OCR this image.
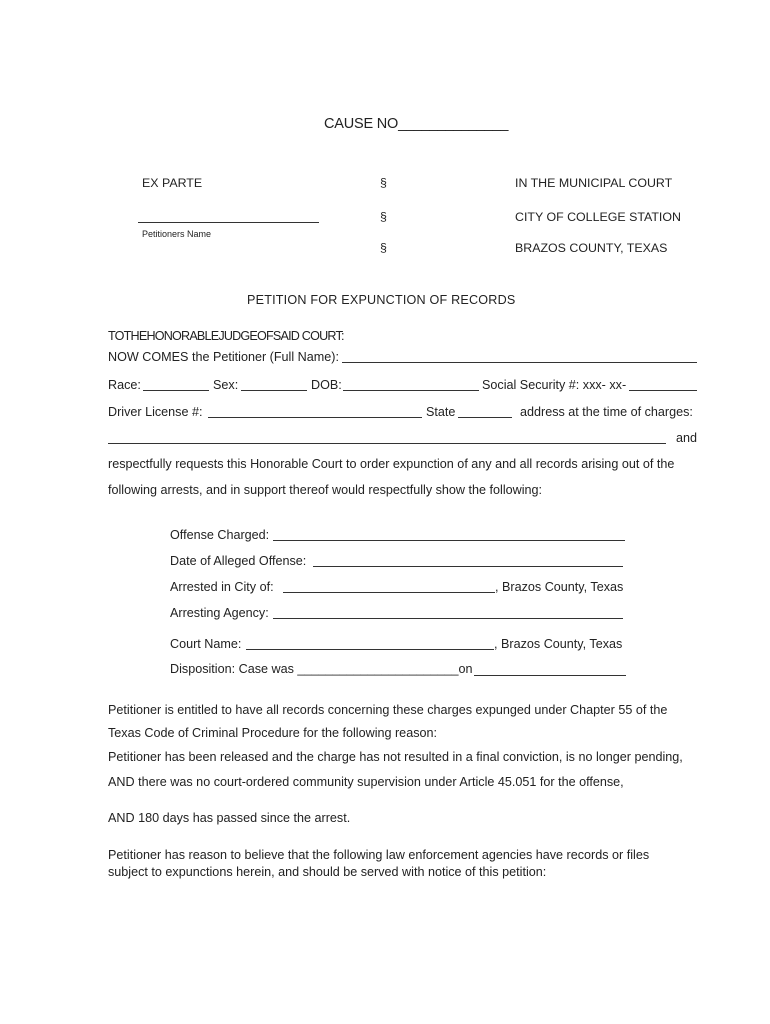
CAUSE NO______________
EX PARTE	§	IN THE MUNICIPAL COURT
Petitioners Name
§	CITY OF COLLEGE STATION
§	BRAZOS COUNTY, TEXAS
PETITION FOR EXPUNCTION OF RECORDS
TOTHEHONORABLEJUDGEOFSAID COURT:
NOW COMES the Petitioner (Full Name):
Race:	Sex:	DOB:	Social Security #: xxx- xx-
Driver License #:	State	address at the time of charges:
and
respectfully requests this Honorable Court to order expunction of any and all records arising out of the
following arrests, and in support thereof would respectfully show the following:
Offense Charged:
Date of Alleged Offense:
Arrested in City of:	, Brazos County, Texas
Arresting Agency:
Court Name:	, Brazos County, Texas
Disposition: Case was _______________________on
Petitioner is entitled to have all records concerning these charges expunged under Chapter 55 of the
Texas Code of Criminal Procedure for the following reason:
Petitioner has been released and the charge has not resulted in a final conviction, is no longer pending,
AND there was no court-ordered community supervision under Article 45.051 for the offense,
AND 180 days has passed since the arrest.
Petitioner has reason to believe that the following law enforcement agencies have records or files
subject to expunctions herein, and should be served with notice of this petition:
